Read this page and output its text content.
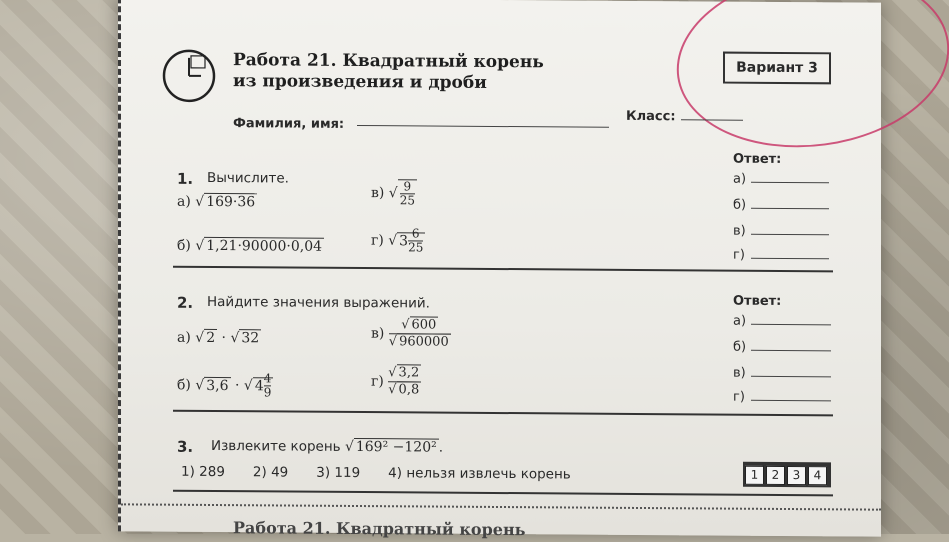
Работа 21. Квадратный корень
из произведения и дроби
Вариант 3
Фамилия, имя:	Класс:
1. Вычислите.
а) √ 169·36
б) √ 1,21·90000·0,04
в) √ $\frac{9}{25}$
г) √ $3 \frac{6}{25}$
Ответ:
а)
б)
в)
г)
2. Найдите значения выражений.
а) √ 2 · √ 32
б) √ 3,6 · √ $4 \frac{4}{9}$
$в) \frac{√ 600}{√ 960000}$
$г) \frac{√ 3,2}{√ 0,8}$
Ответ:
а)
б)
в)
г)
3. Извлеките корень √ 169² −120² .
1) 289 2) 49 3) 119 4) нельзя извлечь корень	1 2 3 4
Работа 21. Квадратный корень
